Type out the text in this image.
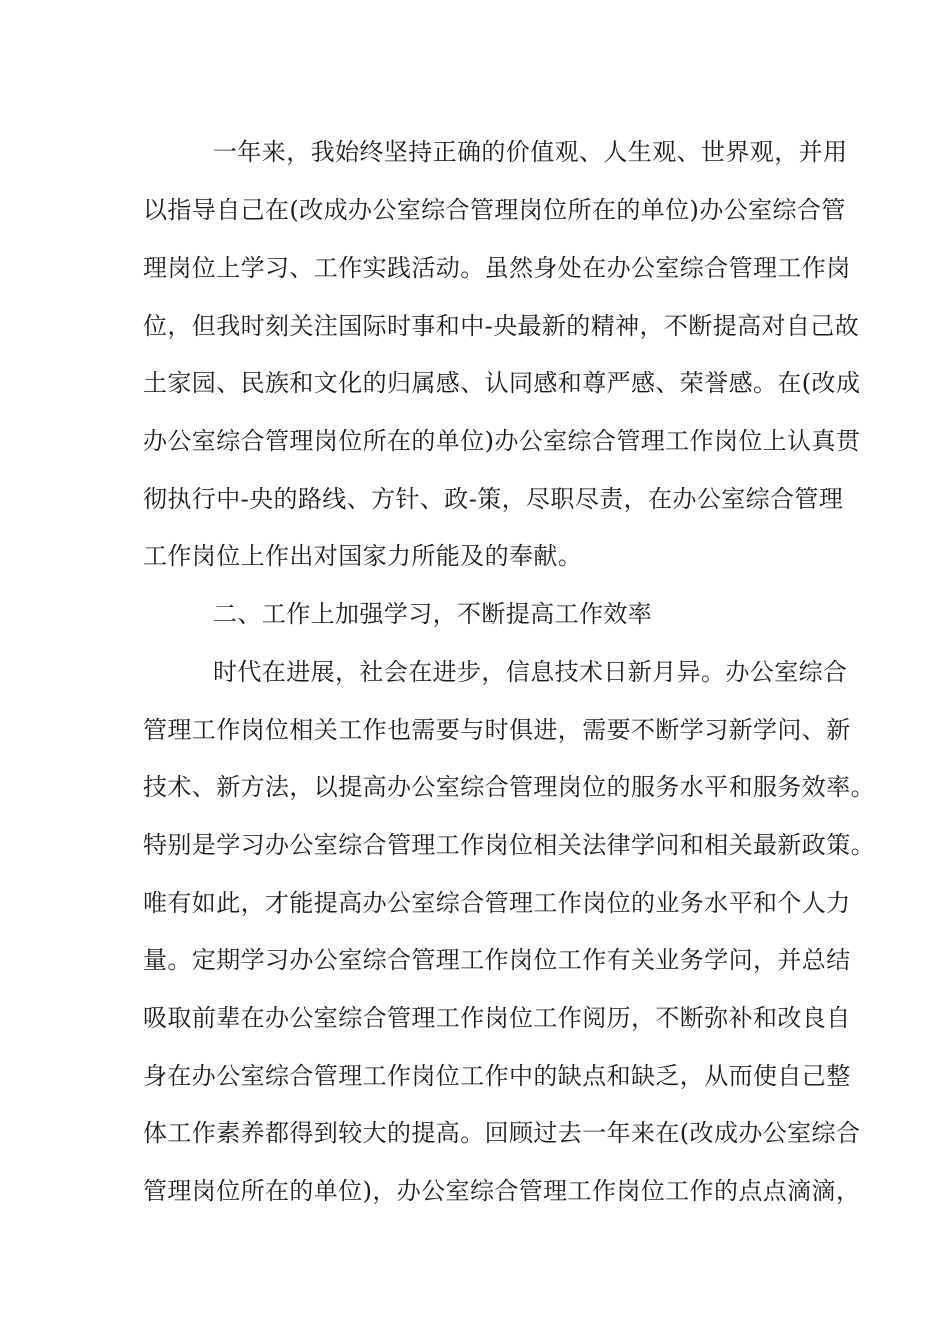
一年来，我始终坚持正确的价值观、人生观、世界观，并用
以指导自己在(改成办公室综合管理岗位所在的单位)办公室综合管
理岗位上学习、工作实践活动。虽然身处在办公室综合管理工作岗
位，但我时刻关注国际时事和中-央最新的精神，不断提高对自己故
土家园、民族和文化的归属感、认同感和尊严感、荣誉感。在(改成
办公室综合管理岗位所在的单位)办公室综合管理工作岗位上认真贯
彻执行中-央的路线、方针、政-策，尽职尽责，在办公室综合管理
工作岗位上作出对国家力所能及的奉献。
二、工作上加强学习，不断提高工作效率
时代在进展，社会在进步，信息技术日新月异。办公室综合
管理工作岗位相关工作也需要与时俱进，需要不断学习新学问、新
技术、新方法，以提高办公室综合管理岗位的服务水平和服务效率。
特别是学习办公室综合管理工作岗位相关法律学问和相关最新政策。
唯有如此，才能提高办公室综合管理工作岗位的业务水平和个人力
量。定期学习办公室综合管理工作岗位工作有关业务学问，并总结
吸取前辈在办公室综合管理工作岗位工作阅历，不断弥补和改良自
身在办公室综合管理工作岗位工作中的缺点和缺乏，从而使自己整
体工作素养都得到较大的提高。回顾过去一年来在(改成办公室综合
管理岗位所在的单位)，办公室综合管理工作岗位工作的点点滴滴，
